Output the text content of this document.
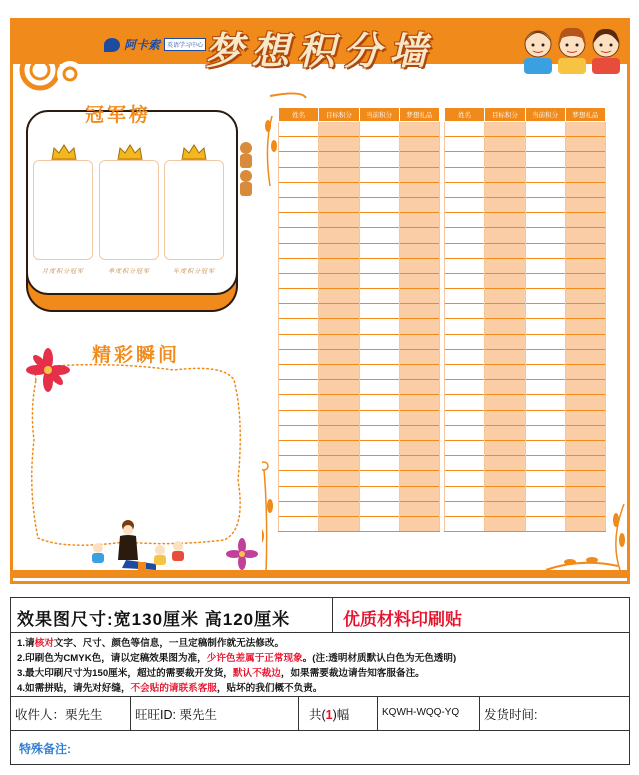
阿卡索	英语学习中心 梦想积分墙
冠军榜
月度积分冠军	季度积分冠军	年度积分冠军
精彩瞬间
姓名	目标积分	当前积分	梦想礼品

				姓名	目标积分	当前积分	梦想礼品

效果图尺寸:宽130厘米 高120厘米	优质材料印刷贴

1.请核对文字、尺寸、颜色等信息，一旦定稿制作就无法修改。

2.印刷色为CMYK色，请以定稿效果图为准，少许色差属于正常现象。(注:透明材质默认白色为无色透明)

3.最大印刷尺寸为150厘米，超过的需要裁开发货，默认不裁边，如果需要裁边请告知客服备注。

4.如需拼贴，请先对好缝，不会贴的请联系客服，贴坏的我们概不负责。

收件人：栗先生	旺旺ID: 栗先生	共(1)幅	KQWH-WQQ-YQ	发货时间:
特殊备注:
